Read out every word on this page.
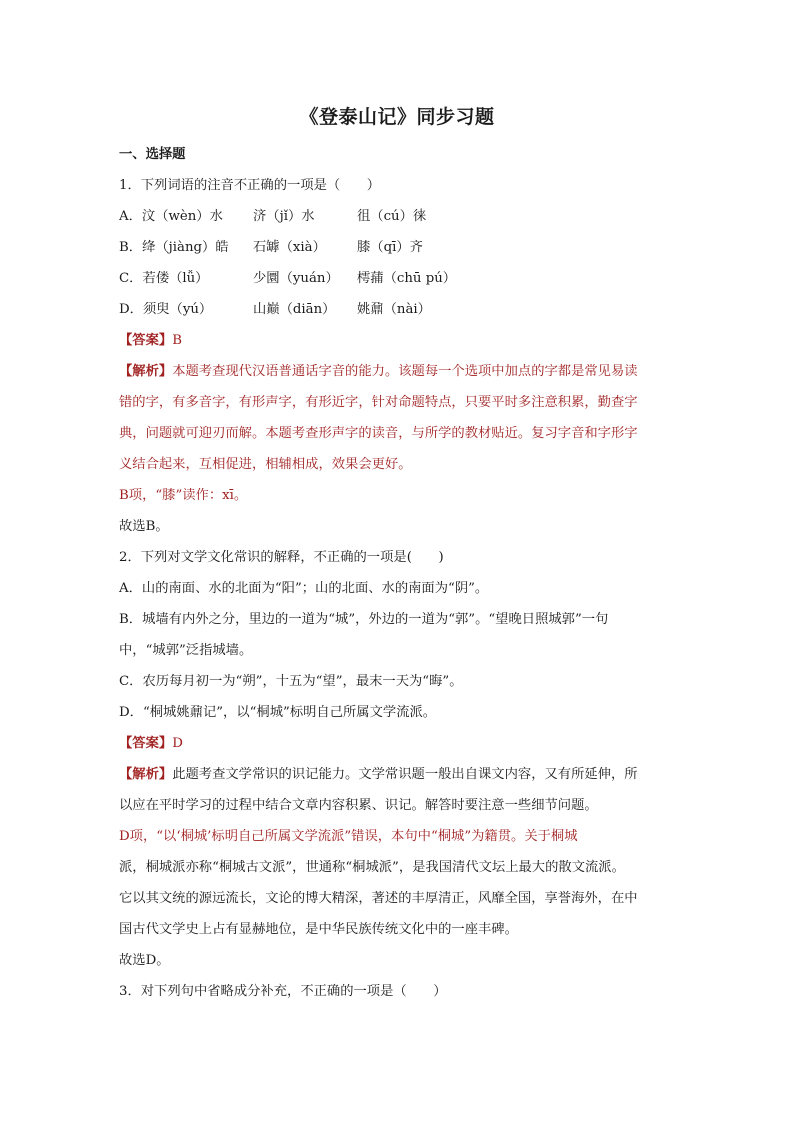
《登泰山记》同步习题
一、选择题
1．下列词语的注音不正确的一项是（　　）
A．汶（wèn）水 济（jǐ）水	徂（cú）徕
B．绛（jiàng）皓 石罅（xià） 膝（qī）齐
C．若偻（lǚ）	少圜（yuán） 樗蒱（chū pú）
D．须臾（yú）	山巅（diān） 姚鼐（nài）
【答案】B
【解析】本题考查现代汉语普通话字音的能力。该题每一个选项中加点的字都是常见易读
错的字，有多音字，有形声字，有形近字，针对命题特点，只要平时多注意积累，勤查字
典，问题就可迎刃而解。本题考查形声字的读音，与所学的教材贴近。复习字音和字形字
义结合起来，互相促进，相辅相成，效果会更好。
B项，“膝”读作：xī。
故选B。
2．下列对文学文化常识的解释，不正确的一项是(　　)
A．山的南面、水的北面为“阳”；山的北面、水的南面为“阴”。
B．城墙有内外之分，里边的一道为“城”，外边的一道为“郭”。“望晚日照城郭”一句
中，“城郭”泛指城墙。
C．农历每月初一为“朔”，十五为“望”，最末一天为“晦”。
D．“桐城姚鼐记”，以“桐城”标明自己所属文学流派。
【答案】D
【解析】此题考查文学常识的识记能力。文学常识题一般出自课文内容，又有所延伸，所
以应在平时学习的过程中结合文章内容积累、识记。解答时要注意一些细节问题。
D项，“以‘桐城’标明自己所属文学流派”错误，本句中“桐城”为籍贯。关于桐城
派，桐城派亦称“桐城古文派”，世通称“桐城派”，是我国清代文坛上最大的散文流派。
它以其文统的源远流长，文论的博大精深，著述的丰厚清正，风靡全国，享誉海外，在中
国古代文学史上占有显赫地位，是中华民族传统文化中的一座丰碑。
故选D。
3．对下列句中省略成分补充，不正确的一项是（　　）
